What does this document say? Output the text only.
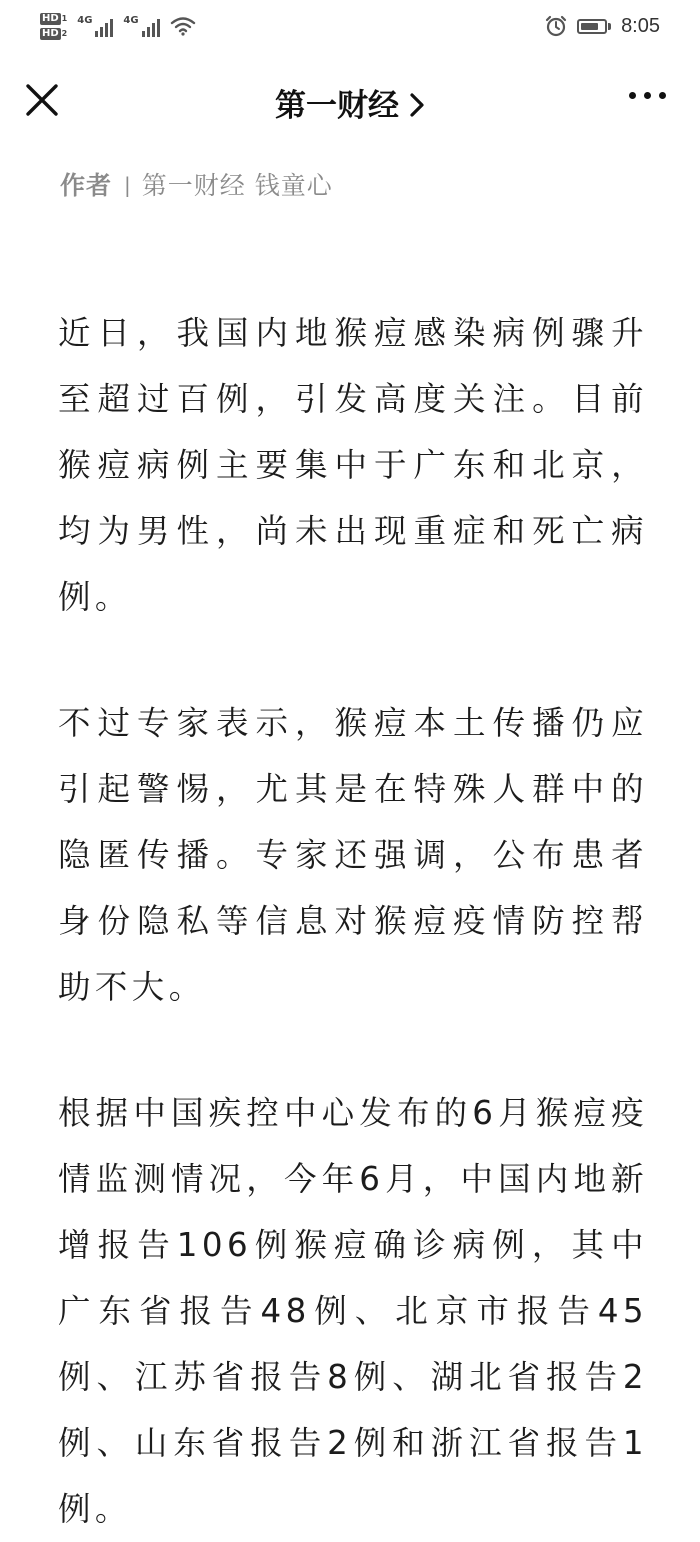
HD 1
HD 2
4G	4G	8:05
第一财经
作者 | 第一财经 钱童心

近日，我国内地猴痘感染病例骤升至超过百例，引发高度关注。目前猴痘病例主要集中于广东和北京，均为男性，尚未出现重症和死亡病例。

不过专家表示，猴痘本土传播仍应引起警惕，尤其是在特殊人群中的隐匿传播。专家还强调，公布患者身份隐私等信息对猴痘疫情防控帮助不大。

根据中国疾控中心发布的6月猴痘疫情监测情况，今年6月，中国内地新增报告106例猴痘确诊病例，其中广东省报告48例、北京市报告45例、江苏省报告8例、湖北省报告2例、山东省报告2例和浙江省报告1例。
